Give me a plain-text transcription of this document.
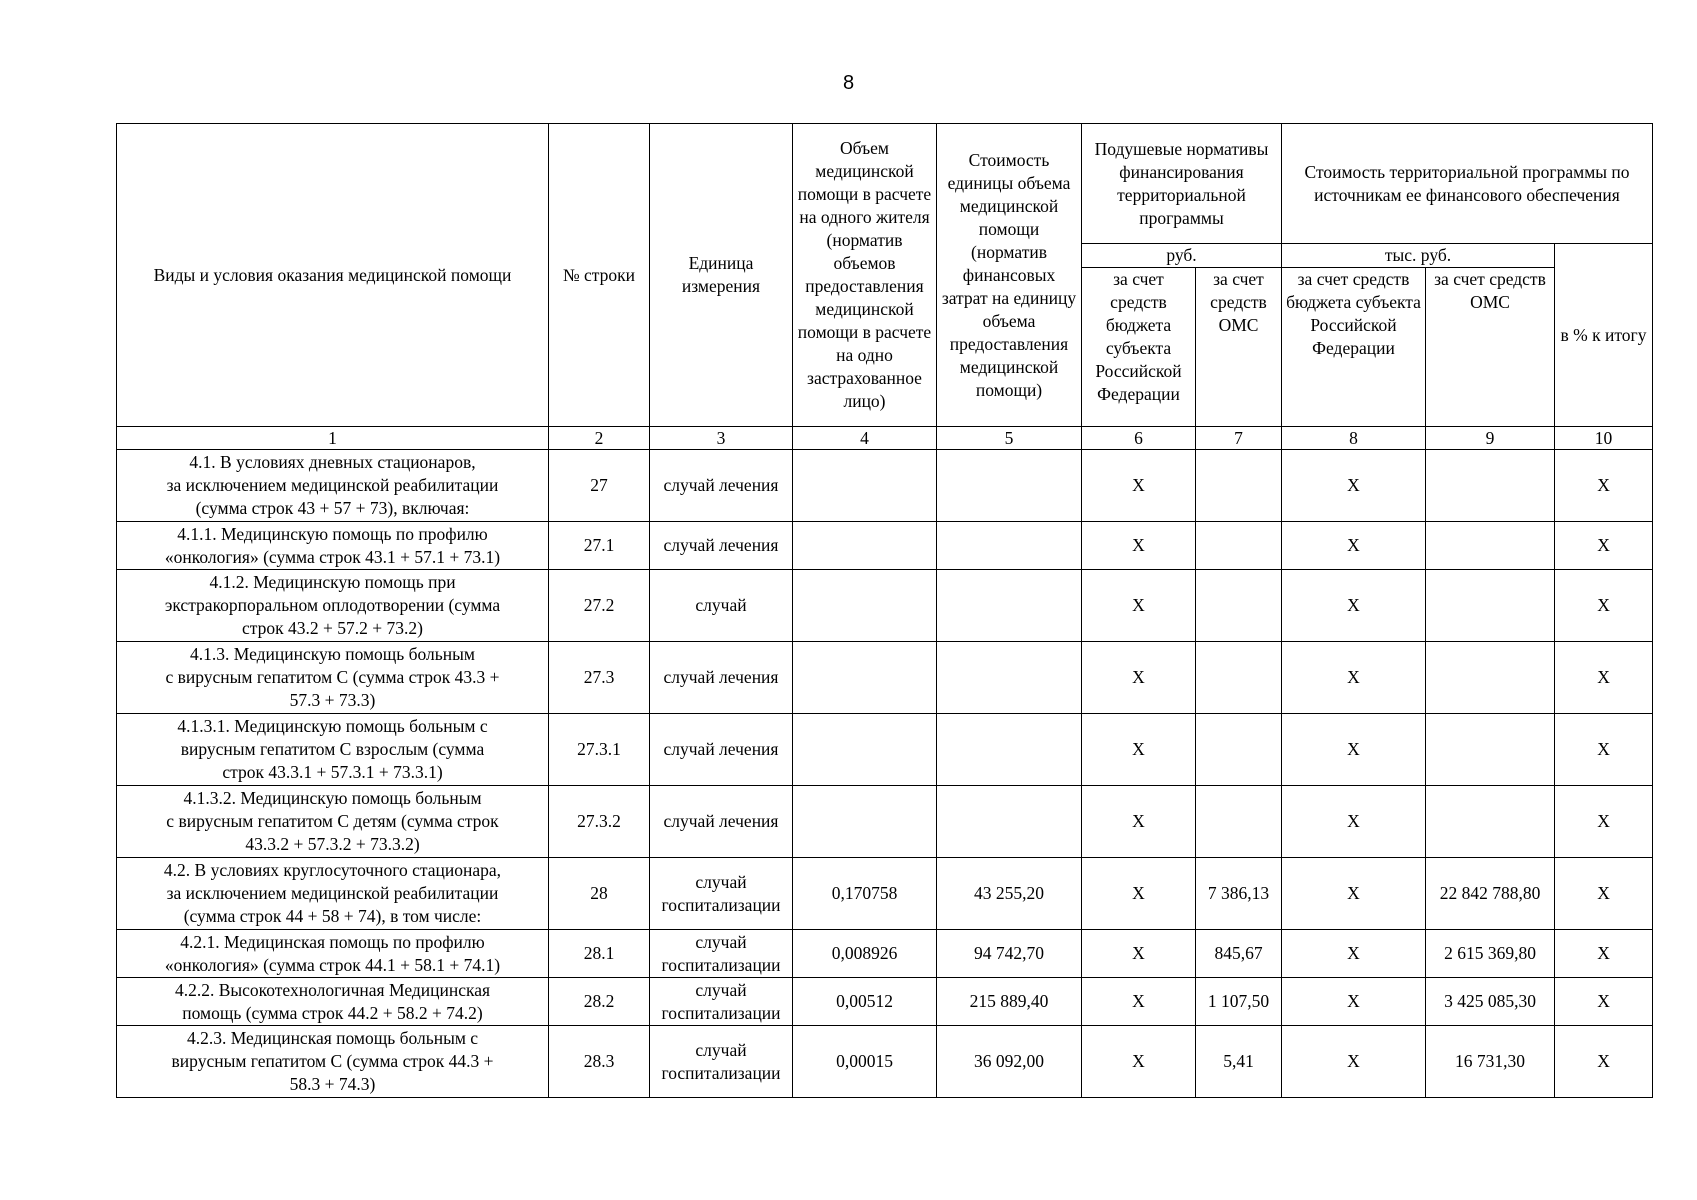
8
Виды и условия оказания медицинской помощи	№ строки	Единица измерения	Объем медицинской помощи в расчете на одного жителя (норматив объемов предоставления медицинской помощи в расчете на одно застрахованное лицо)	Стоимость единицы объема медицинской помощи (норматив финансовых затрат на единицу объема предоставления медицинской помощи)	Подушевые нормативы финансирования территориальной программы		Стоимость территориальной программы по источникам ее финансового обеспечения		
					руб.		тыс. руб.		в % к итогу
					за счет средств бюджета субъекта Российской Федерации	за счет средств ОМС	за счет средств бюджета субъекта Российской Федерации	за счет средств ОМС	
1	2	3	4	5	6	7	8	9	10
4.1. В условиях дневных стационаров,
за исключением медицинской реабилитации
(сумма строк 43 + 57 + 73), включая:	27	случай лечения			X		X		X
4.1.1. Медицинскую помощь по профилю
«онкология» (сумма строк 43.1 + 57.1 + 73.1)	27.1	случай лечения			X		X		X
4.1.2. Медицинскую помощь при
экстракорпоральном оплодотворении (сумма
строк 43.2 + 57.2 + 73.2)	27.2	случай			X		X		X
4.1.3. Медицинскую помощь больным
с вирусным гепатитом С (сумма строк 43.3 +
57.3 + 73.3)	27.3	случай лечения			X		X		X
4.1.3.1. Медицинскую помощь больным с
вирусным гепатитом С взрослым (сумма
строк 43.3.1 + 57.3.1 + 73.3.1)	27.3.1	случай лечения			X		X		X
4.1.3.2. Медицинскую помощь больным
с вирусным гепатитом С детям (сумма строк
43.3.2 + 57.3.2 + 73.3.2)	27.3.2	случай лечения			X		X		X
4.2. В условиях круглосуточного стационара,
за исключением медицинской реабилитации
(сумма строк 44 + 58 + 74), в том числе:	28	случай госпитализации	0,170758	43 255,20	X	7 386,13	X	22 842 788,80	X
4.2.1. Медицинская помощь по профилю
«онкология» (сумма строк 44.1 + 58.1 + 74.1)	28.1	случай госпитализации	0,008926	94 742,70	X	845,67	X	2 615 369,80	X
4.2.2. Высокотехнологичная Медицинская
помощь (сумма строк 44.2 + 58.2 + 74.2)	28.2	случай госпитализации	0,00512	215 889,40	X	1 107,50	X	3 425 085,30	X
4.2.3. Медицинская помощь больным с
вирусным гепатитом С (сумма строк 44.3 +
58.3 + 74.3)	28.3	случай госпитализации	0,00015	36 092,00	X	5,41	X	16 731,30	X
